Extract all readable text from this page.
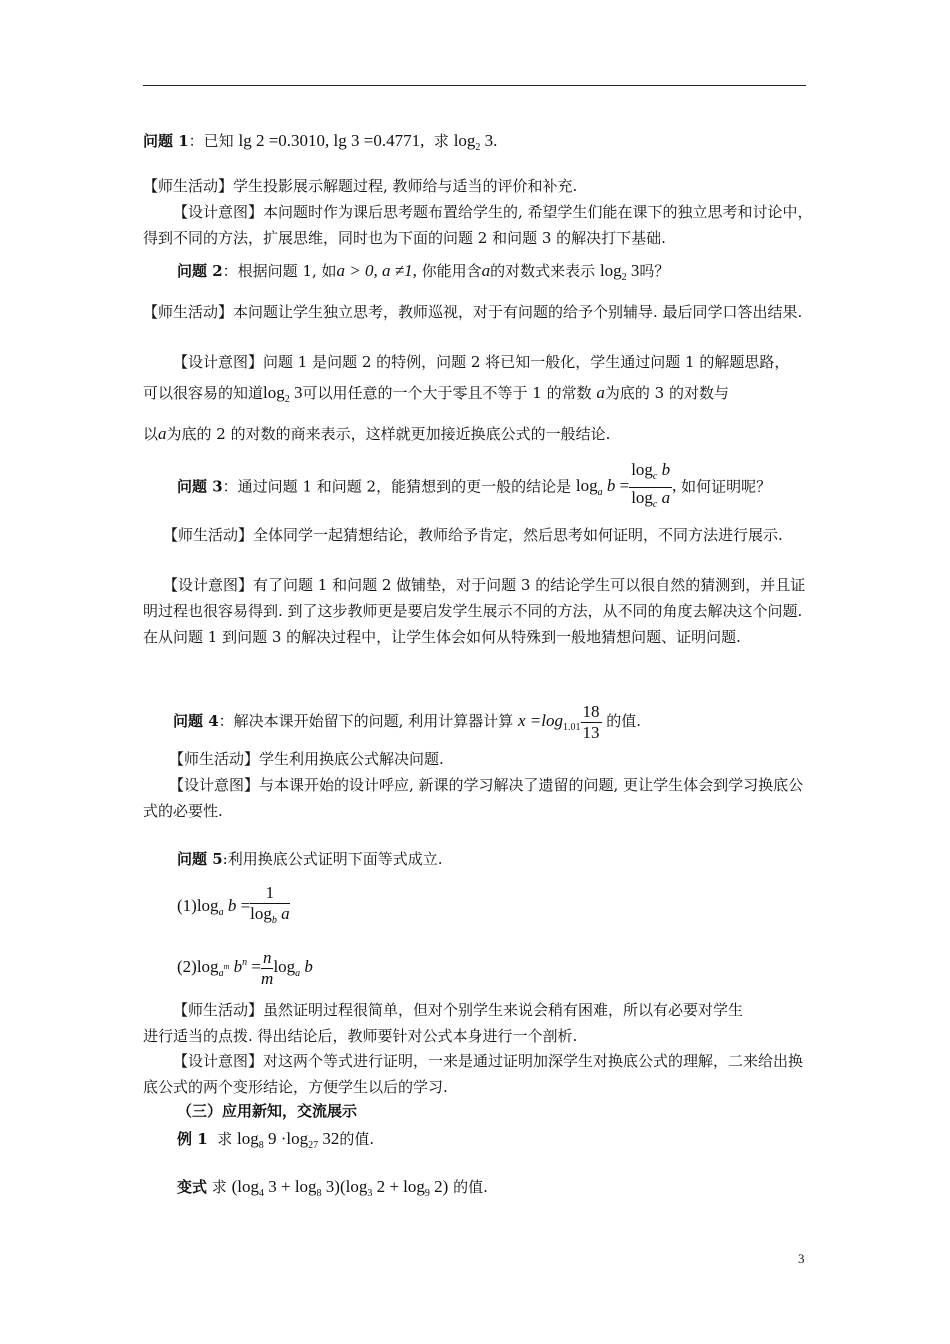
问题 1：已知 lg 2 =0.3010, lg 3 =0.4771, 求 $\log_2 3$.
【师生活动】学生投影展示解题过程, 教师给与适当的评价和补充.
【设计意图】本问题时作为课后思考题布置给学生的, 希望学生们能在课下的独立思考和讨论中，得到不同的方法，扩展思维，同时也为下面的问题 2 和问题 3 的解决打下基础.
问题 2：根据问题 1, 如a > 0, a ≠1, 你能用含a的对数式来表示 $\log_2 3$吗？
【师生活动】本问题让学生独立思考，教师巡视，对于有问题的给予个别辅导. 最后同学口答出结果.
【设计意图】问题 1 是问题 2 的特例，问题 2 将已知一般化，学生通过问题 1 的解题思路，
可以很容易的知道$\log_2 3$可以用任意的一个大于零且不等于 1 的常数 a为底的 3 的对数与
以a为底的 2 的对数的商来表示，这样就更加接近换底公式的一般结论.
问题 3：通过问题 1 和问题 2，能猜想到的更一般的结论是 $\log_a b = \frac{\log_c b}{\log_c a}$ , 如何证明呢？
【师生活动】全体同学一起猜想结论，教师给予肯定，然后思考如何证明，不同方法进行展示.
【设计意图】有了问题 1 和问题 2 做铺垫，对于问题 3 的结论学生可以很自然的猜测到，并且证明过程也很容易得到. 到了这步教师更是要启发学生展示不同的方法，从不同的角度去解决这个问题. 在从问题 1 到问题 3 的解决过程中，让学生体会如何从特殊到一般地猜想问题、证明问题.
问题 4：解决本课开始留下的问题, 利用计算器计算 $x =\log_{1.01} \frac{18}{13}$ 的值.
【师生活动】学生利用换底公式解决问题.
【设计意图】与本课开始的设计呼应, 新课的学习解决了遗留的问题, 更让学生体会到学习换底公式的必要性.
问题 5:利用换底公式证明下面等式成立.
$(1)\log_a$ $b = \frac{1}{\log_b a}$
$(2)\log_{a^m}$ $b^n = \frac{n}{m} \log_a b$
【师生活动】虽然证明过程很简单，但对个别学生来说会稍有困难，所以有必要对学生进行适当的点拨. 得出结论后，教师要针对公式本身进行一个剖析.
【设计意图】对这两个等式进行证明，一来是通过证明加深学生对换底公式的理解，二来给出换底公式的两个变形结论，方便学生以后的学习.
（三）应用新知，交流展示
例 1 求 $\log_8 9 \cdot\log_{27}$ 32的值.
变式 求 ($\log_4$ $3 + \log_8 3)(\log_3$ $2 + \log_9 2$) 的值.
3
